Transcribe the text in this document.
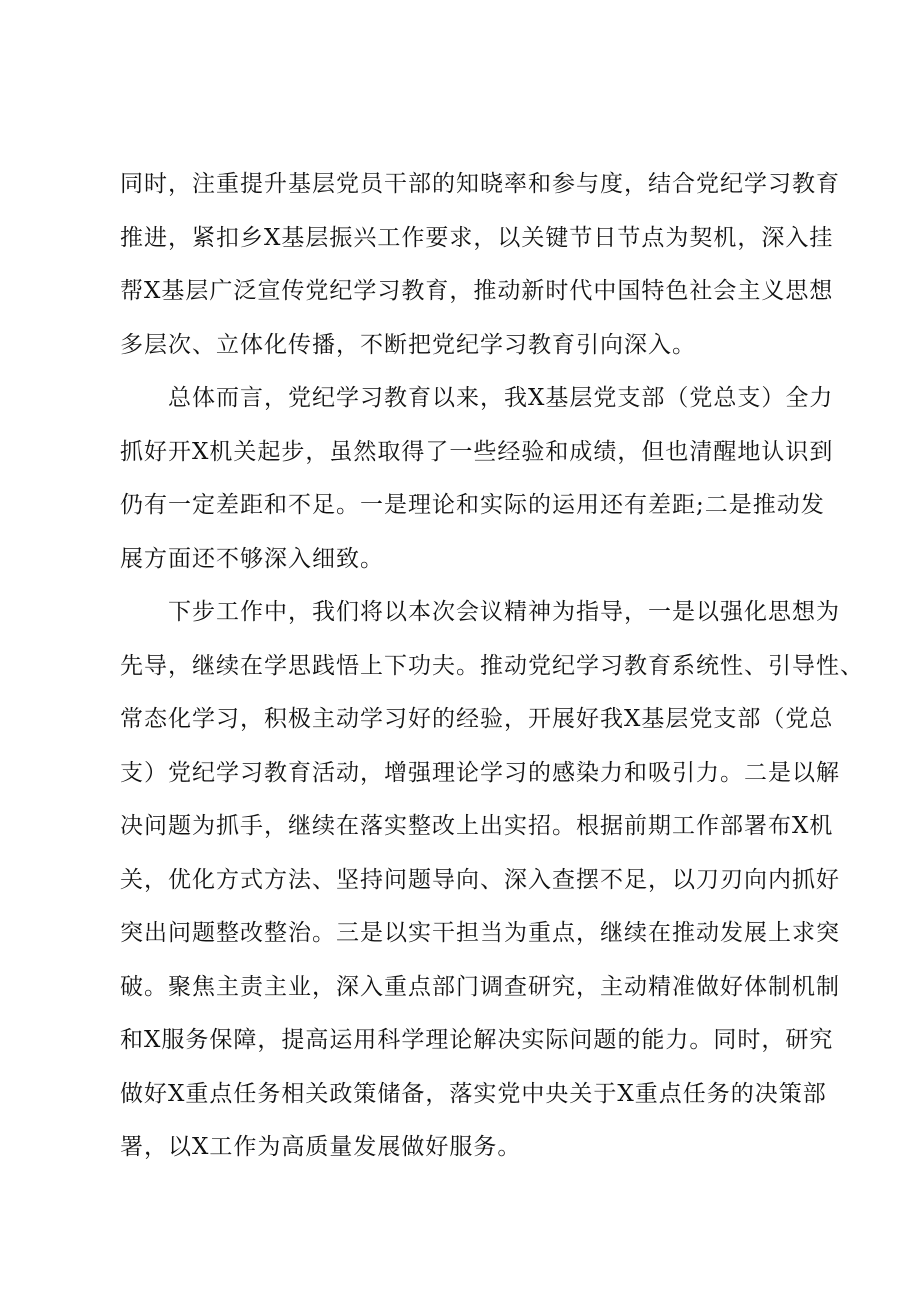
同时，注重提升基层党员干部的知晓率和参与度，结合党纪学习教育
推进，紧扣乡X基层振兴工作要求，以关键节日节点为契机，深入挂
帮X基层广泛宣传党纪学习教育，推动新时代中国特色社会主义思想
多层次、立体化传播，不断把党纪学习教育引向深入。
总体而言，党纪学习教育以来，我X基层党支部（党总支）全力
抓好开X机关起步，虽然取得了一些经验和成绩，但也清醒地认识到
仍有一定差距和不足。一是理论和实际的运用还有差距;二是推动发
展方面还不够深入细致。
下步工作中，我们将以本次会议精神为指导，一是以强化思想为
先导，继续在学思践悟上下功夫。推动党纪学习教育系统性、引导性、
常态化学习，积极主动学习好的经验，开展好我X基层党支部（党总
支）党纪学习教育活动，增强理论学习的感染力和吸引力。二是以解
决问题为抓手，继续在落实整改上出实招。根据前期工作部署布X机
关，优化方式方法、坚持问题导向、深入查摆不足，以刀刃向内抓好
突出问题整改整治。三是以实干担当为重点，继续在推动发展上求突
破。聚焦主责主业，深入重点部门调查研究，主动精准做好体制机制
和X服务保障，提高运用科学理论解决实际问题的能力。同时，研究
做好X重点任务相关政策储备，落实党中央关于X重点任务的决策部
署，以X工作为高质量发展做好服务。
